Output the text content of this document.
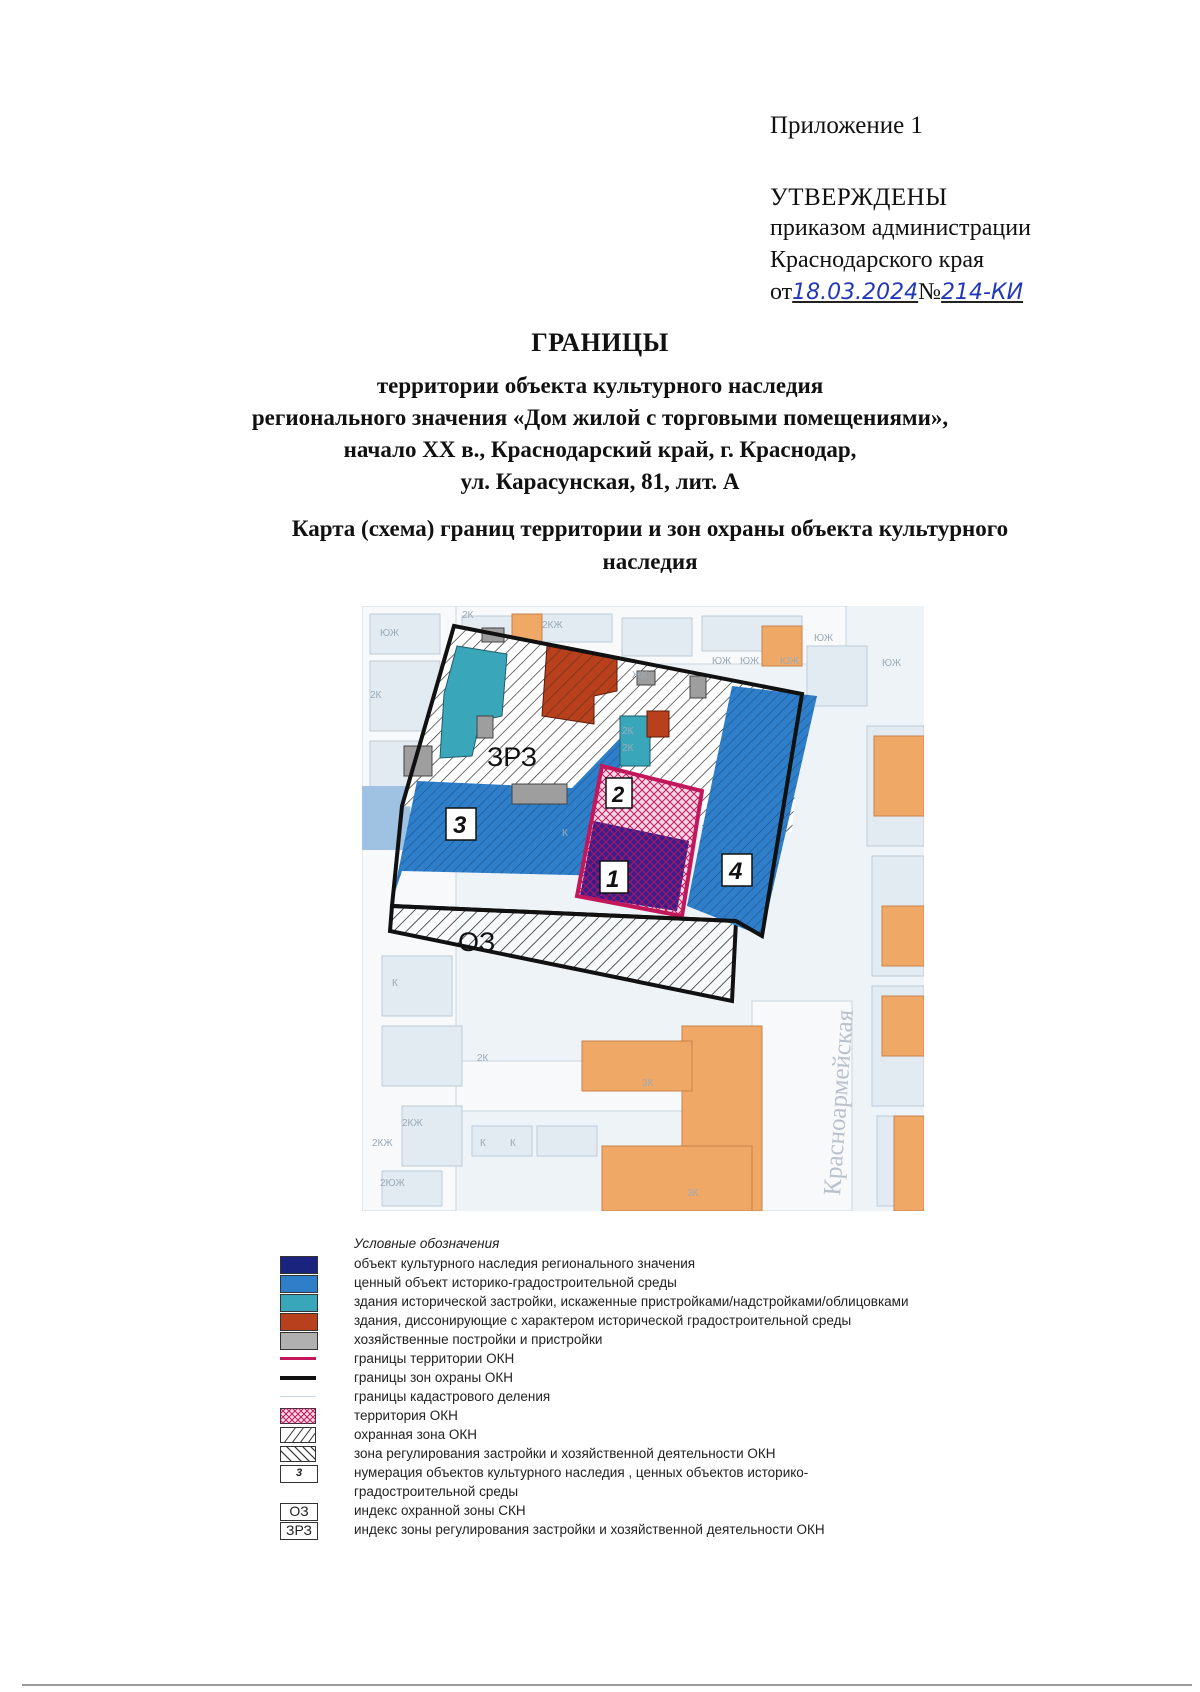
Приложение 1

УТВЕРЖДЕНЫ

приказом администрации

Краснодарского края

от18.03.2024№214-КИ

ГРАНИЦЫ

территории объекта культурного наследия

регионального значения «Дом жилой с торговыми помещениями»,

начало XX в., Краснодарский край, г. Краснодар,

ул. Карасунская, 81, лит. А

Карта (схема) границ территории и зон охраны объекта культурного
наследия
ЗРЗ
ОЗ
1
2
3
4
Красноармейская
ЮЖ
2К
2КЖ
ЖК
ЮЖ ЮЖ ЮЖ
ЮЖ
К
2К
2К
2К
К
2К
3К
2КЖ
3К
К К
2КЖ
2ЮЖ
ЮЖ
Условные обозначения
объект культурного наследия регионального значения
ценный объект историко-градостроительной среды
здания исторической застройки, искаженные пристройками/надстройками/облицовками
здания, диссонирующие с характером исторической градостроительной среды
хозяйственные постройки и пристройки
границы территории ОКН
границы зон охраны ОКН
границы кадастрового деления
территория ОКН
охранная зона ОКН
зона регулирования застройки и хозяйственной деятельности ОКН
3	нумерация объектов культурного наследия , ценных объектов историко-
градостроительной среды
ОЗ	индекс охранной зоны СКН
ЗРЗ	индекс зоны регулирования застройки и хозяйственной деятельности ОКН
